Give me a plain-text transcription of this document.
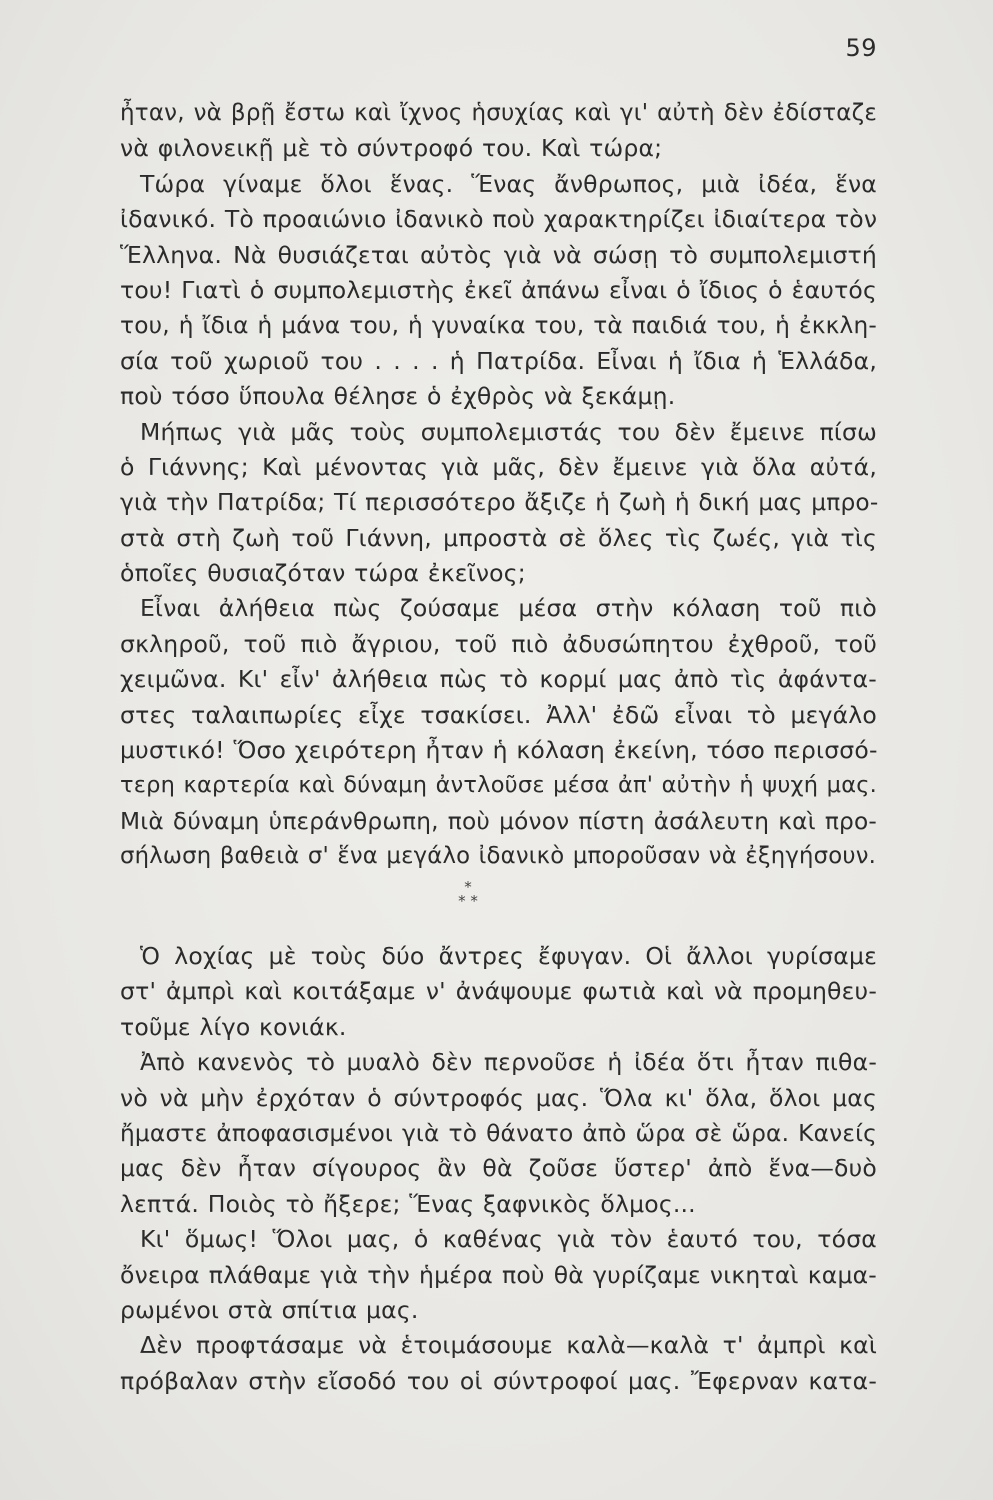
59
ἦταν, νὰ βρῇ ἔστω καὶ ἴχνος ἡσυχίας καὶ γι' αὐτὴ δὲν ἐδίσταζε
νὰ φιλονεικῇ μὲ τὸ σύντροφό του. Καὶ τώρα;
Τώρα γίναμε ὅλοι ἕνας. Ἕνας ἄνθρωπος, μιὰ ἰδέα, ἕνα
ἰδανικό. Τὸ προαιώνιο ἰδανικὸ ποὺ χαρακτηρίζει ἰδιαίτερα τὸν
Ἕλληνα. Νὰ θυσιάζεται αὐτὸς γιὰ νὰ σώσῃ τὸ συμπολεμιστή
του! Γιατὶ ὁ συμπολεμιστὴς ἐκεῖ ἀπάνω εἶναι ὁ ἴδιος ὁ ἑαυτός
του, ἡ ἴδια ἡ μάνα του, ἡ γυναίκα του, τὰ παιδιά του, ἡ ἐκκλη-
σία τοῦ χωριοῦ του . . . . ἡ Πατρίδα. Εἶναι ἡ ἴδια ἡ Ἑλλάδα,
ποὺ τόσο ὕπουλα θέλησε ὁ ἐχθρὸς νὰ ξεκάμῃ.
Μήπως γιὰ μᾶς τοὺς συμπολεμιστάς του δὲν ἔμεινε πίσω
ὁ Γιάννης; Καὶ μένοντας γιὰ μᾶς, δὲν ἔμεινε γιὰ ὅλα αὐτά,
γιὰ τὴν Πατρίδα; Τί περισσότερο ἄξιζε ἡ ζωὴ ἡ δική μας μπρο-
στὰ στὴ ζωὴ τοῦ Γιάννη, μπροστὰ σὲ ὅλες τὶς ζωές, γιὰ τὶς
ὁποῖες θυσιαζόταν τώρα ἐκεῖνος;
Εἶναι ἀλήθεια πὼς ζούσαμε μέσα στὴν κόλαση τοῦ πιὸ
σκληροῦ, τοῦ πιὸ ἄγριου, τοῦ πιὸ ἀδυσώπητου ἐχθροῦ, τοῦ
χειμῶνα. Κι' εἶν' ἀλήθεια πὼς τὸ κορμί μας ἀπὸ τὶς ἀφάντα-
στες ταλαιπωρίες εἶχε τσακίσει. Ἀλλ' ἐδῶ εἶναι τὸ μεγάλο
μυστικό! Ὅσο χειρότερη ἦταν ἡ κόλαση ἐκείνη, τόσο περισσό-
τερη καρτερία καὶ δύναμη ἀντλοῦσε μέσα ἀπ' αὐτὴν ἡ ψυχή μας.
Μιὰ δύναμη ὑπεράνθρωπη, ποὺ μόνον πίστη ἀσάλευτη καὶ προ-
σήλωση βαθειὰ σ' ἕνα μεγάλο ἰδανικὸ μποροῦσαν νὰ ἐξηγήσουν.
*
* *
Ὁ λοχίας μὲ τοὺς δύο ἄντρες ἔφυγαν. Οἱ ἄλλοι γυρίσαμε
στ' ἀμπρὶ καὶ κοιτάξαμε ν' ἀνάψουμε φωτιὰ καὶ νὰ προμηθευ-
τοῦμε λίγο κονιάκ.
Ἀπὸ κανενὸς τὸ μυαλὸ δὲν περνοῦσε ἡ ἰδέα ὅτι ἦταν πιθα-
νὸ νὰ μὴν ἐρχόταν ὁ σύντροφός μας. Ὅλα κι' ὅλα, ὅλοι μας
ἤμαστε ἀποφασισμένοι γιὰ τὸ θάνατο ἀπὸ ὥρα σὲ ὥρα. Κανείς
μας δὲν ἦταν σίγουρος ἂν θὰ ζοῦσε ὕστερ' ἀπὸ ἕνα—δυὸ
λεπτά. Ποιὸς τὸ ἤξερε; Ἕνας ξαφνικὸς ὅλμος...
Κι' ὅμως! Ὅλοι μας, ὁ καθένας γιὰ τὸν ἑαυτό του, τόσα
ὄνειρα πλάθαμε γιὰ τὴν ἡμέρα ποὺ θὰ γυρίζαμε νικηταὶ καμα-
ρωμένοι στὰ σπίτια μας.
Δὲν προφτάσαμε νὰ ἑτοιμάσουμε καλὰ—καλὰ τ' ἀμπρὶ καὶ
πρόβαλαν στὴν εἴσοδό του οἱ σύντροφοί μας. Ἔφερναν κατα-
